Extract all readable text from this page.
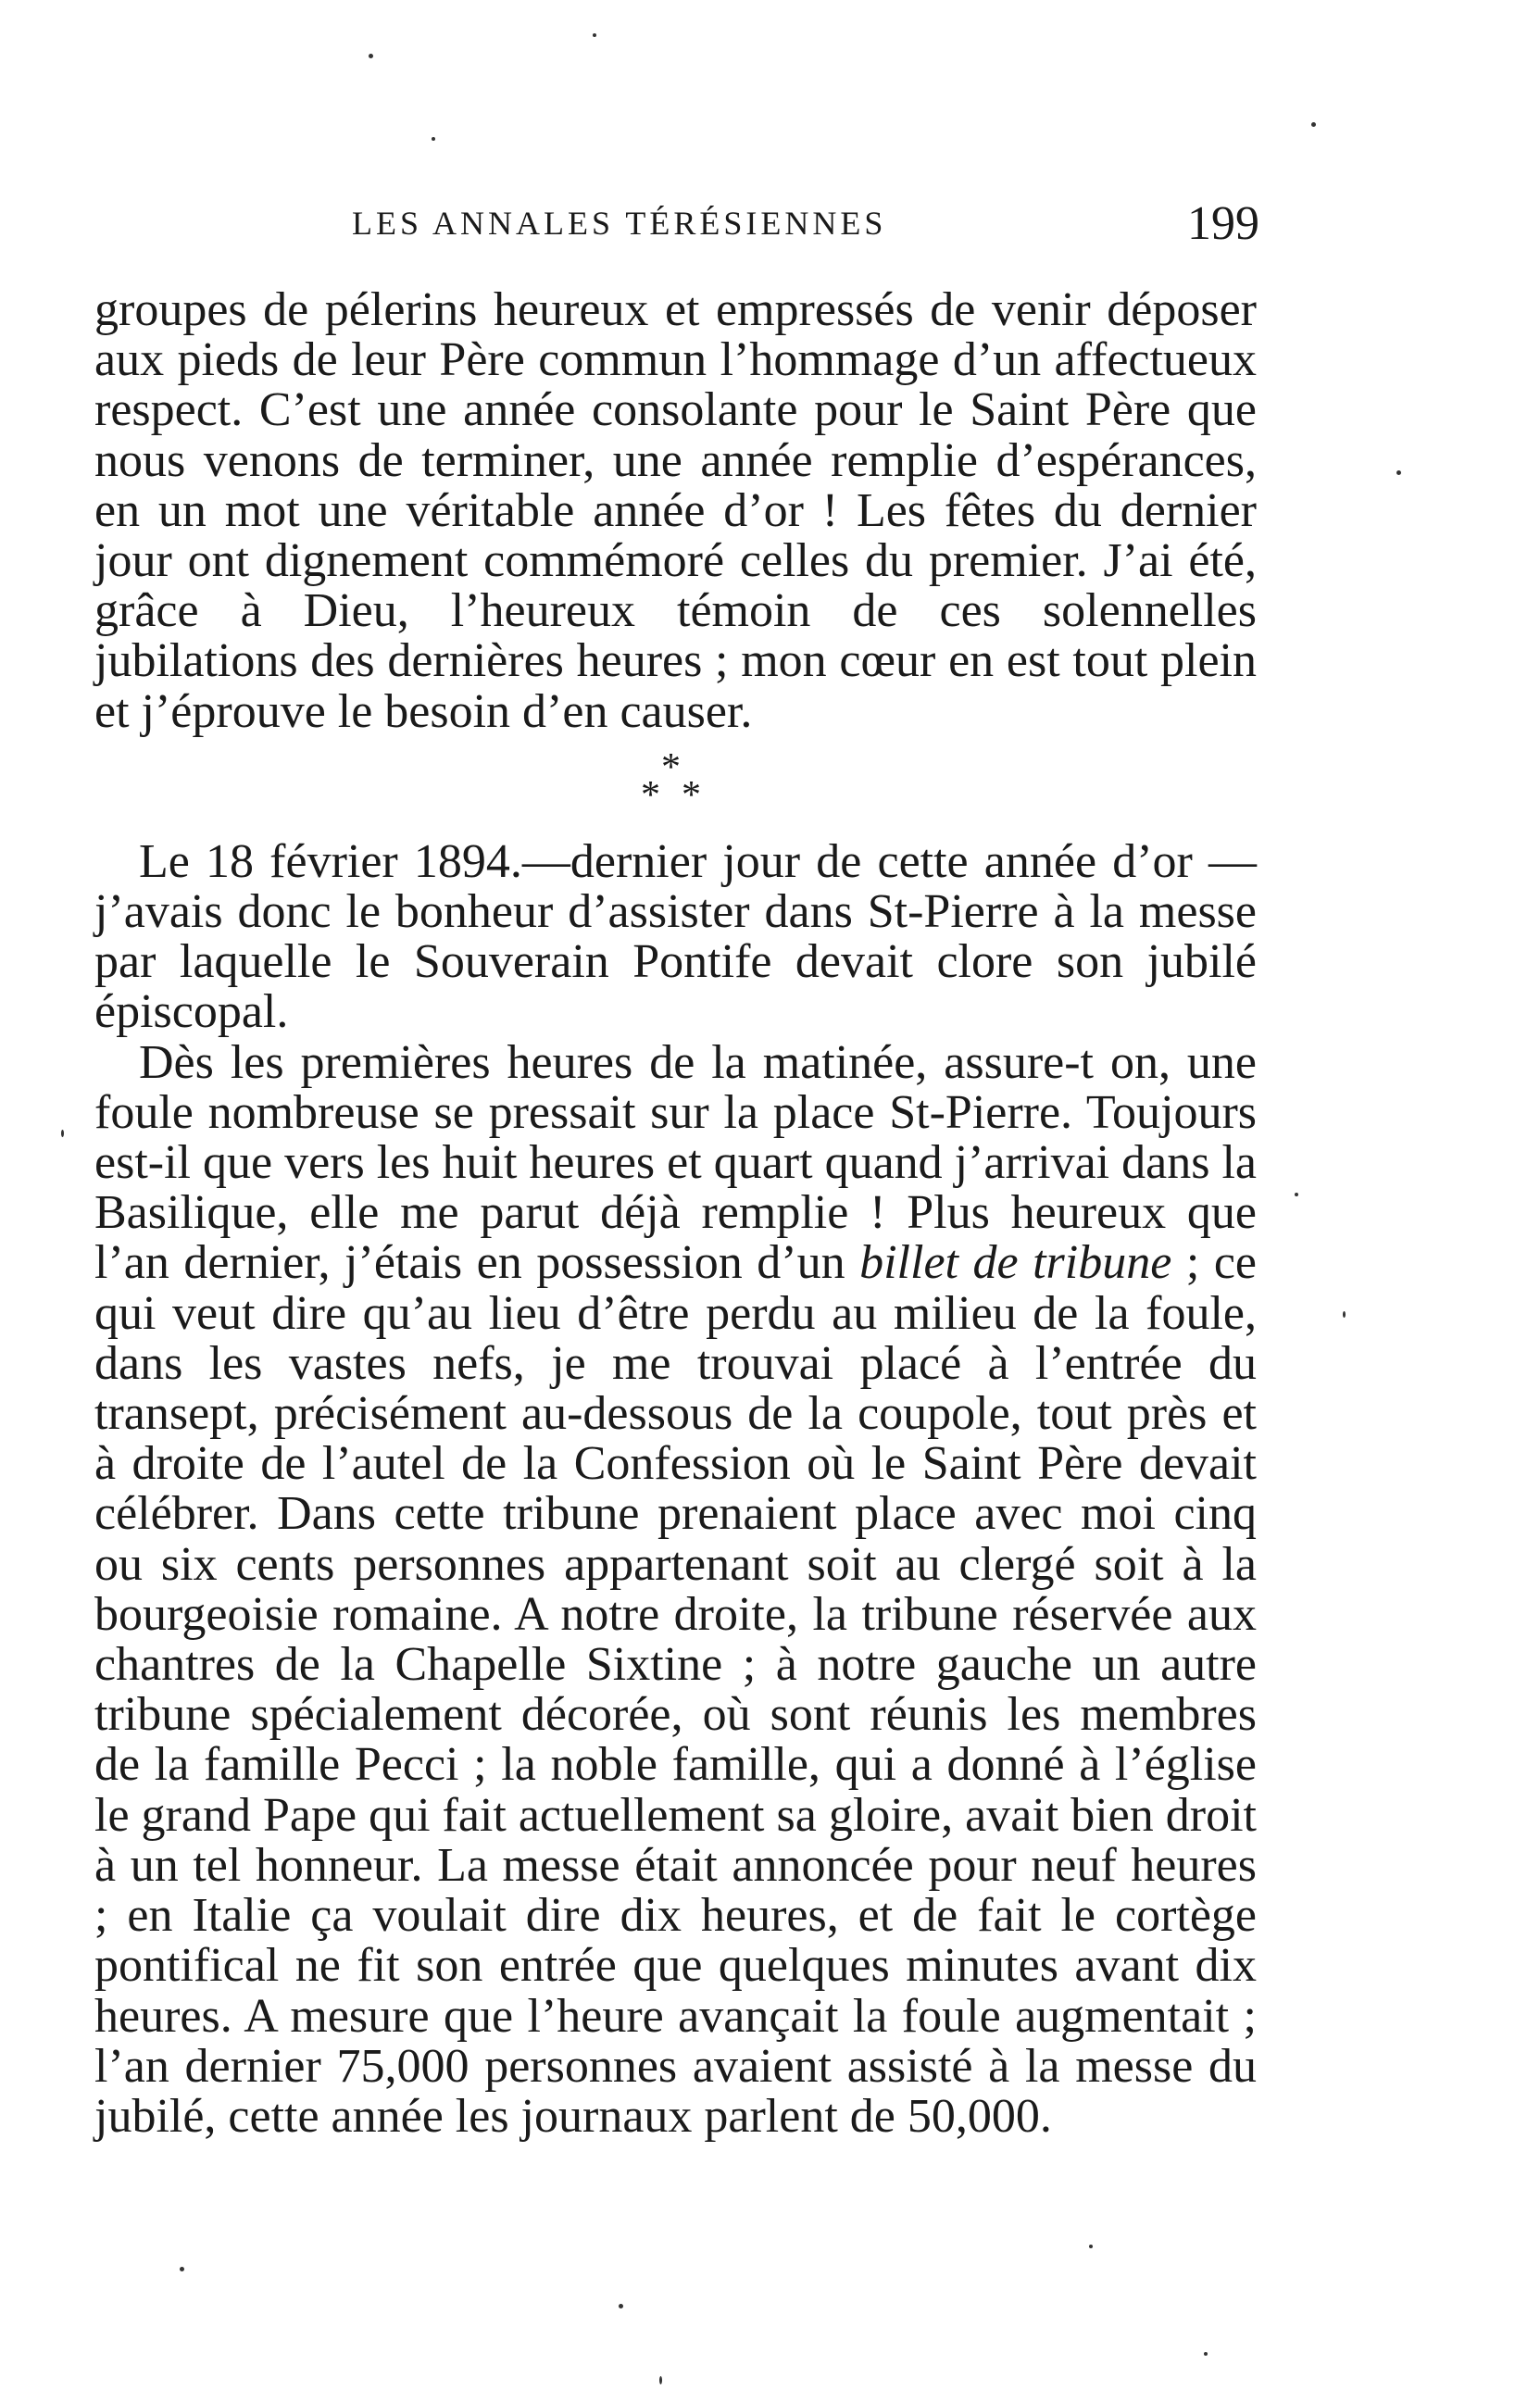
LES ANNALES TÉRÉSIENNES	199

groupes de pélerins heureux et empressés de venir déposer aux pieds de leur Père commun l’hommage d’un affectueux respect. C’est une année consolante pour le Saint Père que nous venons de terminer, une année remplie d’espérances, en un mot une véritable année d’or ! Les fêtes du dernier jour ont dignement commémoré celles du premier. J’ai été, grâce à Dieu, l’heureux témoin de ces solennelles jubilations des dernières heures ; mon cœur en est tout plein et j’éprouve le besoin d’en causer.

*
* *

Le 18 février 1894.—dernier jour de cette année d’or —j’avais donc le bonheur d’assister dans St-Pierre à la messe par laquelle le Souverain Pontife devait clore son jubilé épiscopal.

Dès les premières heures de la matinée, assure-t on, une foule nombreuse se pressait sur la place St-Pierre. Toujours est-il que vers les huit heures et quart quand j’arrivai dans la Basilique, elle me parut déjà remplie ! Plus heureux que l’an dernier, j’étais en possession d’un billet de tribune ; ce qui veut dire qu’au lieu d’être perdu au milieu de la foule, dans les vastes nefs, je me trouvai placé à l’entrée du transept, précisément au-dessous de la coupole, tout près et à droite de l’autel de la Confession où le Saint Père devait célébrer. Dans cette tribune prenaient place avec moi cinq ou six cents personnes appartenant soit au clergé soit à la bourgeoisie romaine. A notre droite, la tribune réservée aux chantres de la Chapelle Sixtine ; à notre gauche un autre tribune spécialement décorée, où sont réunis les membres de la famille Pecci ; la noble famille, qui a donné à l’église le grand Pape qui fait actuellement sa gloire, avait bien droit à un tel honneur. La messe était annoncée pour neuf heures ; en Italie ça voulait dire dix heures, et de fait le cortège pontifical ne fit son entrée que quelques minutes avant dix heures. A mesure que l’heure avançait la foule augmentait ; l’an dernier 75,000 personnes avaient assisté à la messe du jubilé, cette année les journaux parlent de 50,000.
